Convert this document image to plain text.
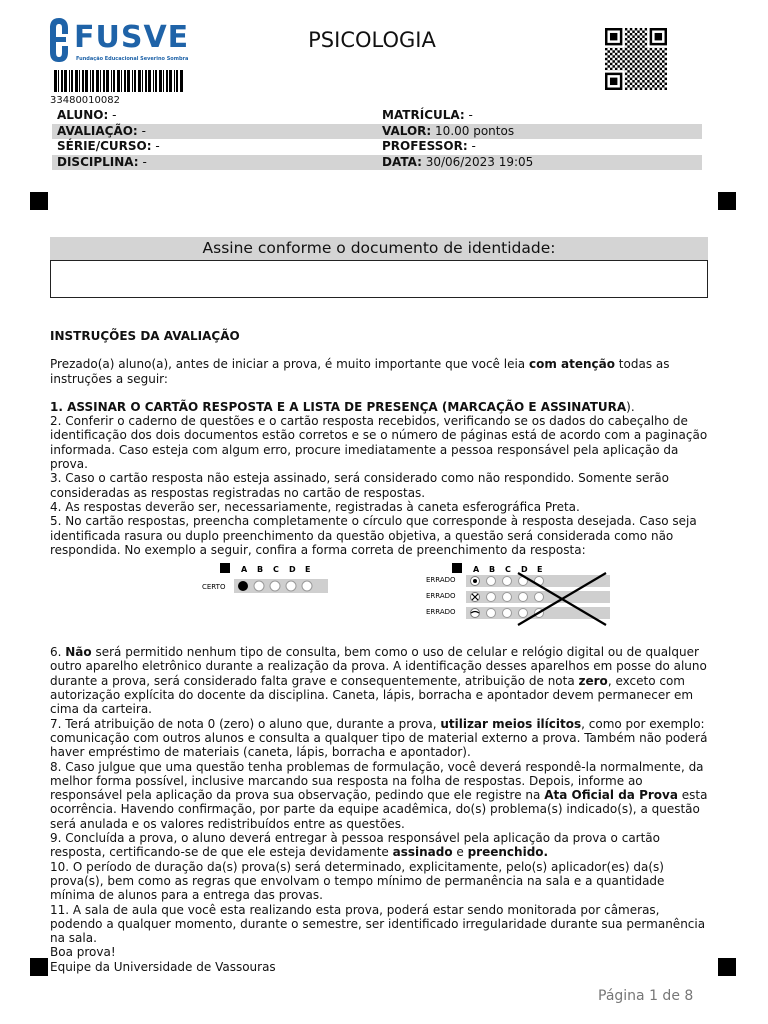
FUSVE
Fundação Educacional Severino Sombra
PSICOLOGIA
33480010082
ALUNO: -	MATRÍCULA: -
AVALIAÇÃO: -	VALOR: 10.00 pontos
SÉRIE/CURSO: -	PROFESSOR: -
DISCIPLINA: -	DATA: 30/06/2023 19:05
Assine conforme o documento de identidade:

INSTRUÇÕES DA AVALIAÇÃO

Prezado(a) aluno(a), antes de iniciar a prova, é muito importante que você leia com atenção todas as instruções a seguir:

1. ASSINAR O CARTÃO RESPOSTA E A LISTA DE PRESENÇA (MARCAÇÃO E ASSINATURA).

2. Conferir o caderno de questões e o cartão resposta recebidos, verificando se os dados do cabeçalho de identificação dos dois documentos estão corretos e se o número de páginas está de acordo com a paginação informada. Caso esteja com algum erro, procure imediatamente a pessoa responsável pela aplicação da prova.

3. Caso o cartão resposta não esteja assinado, será considerado como não respondido. Somente serão consideradas as respostas registradas no cartão de respostas.

4. As respostas deverão ser, necessariamente, registradas à caneta esferográfica Preta.

5. No cartão respostas, preencha completamente o círculo que corresponde à resposta desejada. Caso seja identificada rasura ou duplo preenchimento da questão objetiva, a questão será considerada como não respondida. No exemplo a seguir, confira a forma correta de preenchimento da resposta:

A B C D E
CERTO
A B C D E
ERRADO
ERRADO
ERRADO

6. Não será permitido nenhum tipo de consulta, bem como o uso de celular e relógio digital ou de qualquer outro aparelho eletrônico durante a realização da prova. A identificação desses aparelhos em posse do aluno durante a prova, será considerado falta grave e consequentemente, atribuição de nota zero, exceto com autorização explícita do docente da disciplina. Caneta, lápis, borracha e apontador devem permanecer em cima da carteira.

7. Terá atribuição de nota 0 (zero) o aluno que, durante a prova, utilizar meios ilícitos, como por exemplo: comunicação com outros alunos e consulta a qualquer tipo de material externo a prova. Também não poderá haver empréstimo de materiais (caneta, lápis, borracha e apontador).

8. Caso julgue que uma questão tenha problemas de formulação, você deverá respondê-la normalmente, da melhor forma possível, inclusive marcando sua resposta na folha de respostas. Depois, informe ao responsável pela aplicação da prova sua observação, pedindo que ele registre na Ata Oficial da Prova esta ocorrência. Havendo confirmação, por parte da equipe acadêmica, do(s) problema(s) indicado(s), a questão será anulada e os valores redistribuídos entre as questões.

9. Concluída a prova, o aluno deverá entregar à pessoa responsável pela aplicação da prova o cartão resposta, certificando-se de que ele esteja devidamente assinado e preenchido.

10. O período de duração da(s) prova(s) será determinado, explicitamente, pelo(s) aplicador(es) da(s) prova(s), bem como as regras que envolvam o tempo mínimo de permanência na sala e a quantidade mínima de alunos para a entrega das provas.

11. A sala de aula que você esta realizando esta prova, poderá estar sendo monitorada por câmeras, podendo a qualquer momento, durante o semestre, ser identificado irregularidade durante sua permanência na sala.

Boa prova!

Equipe da Universidade de Vassouras

Página 1 de 8
